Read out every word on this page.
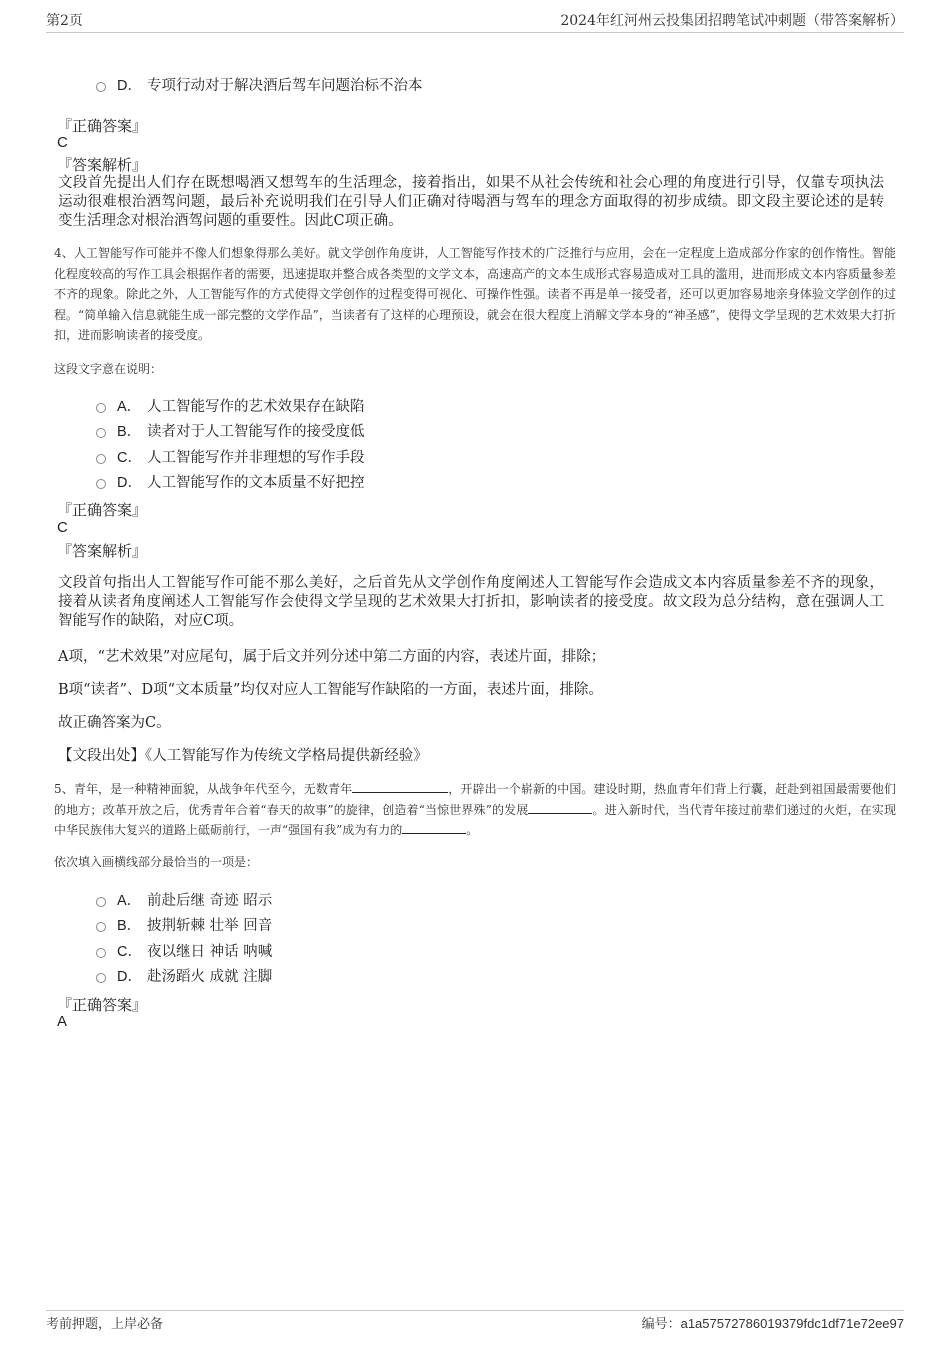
第2页	2024年红河州云投集团招聘笔试冲刺题（带答案解析）
D． 专项行动对于解决酒后驾车问题治标不治本
『正确答案』
C
『答案解析』
文段首先提出人们存在既想喝酒又想驾车的生活理念，接着指出，如果不从社会传统和社会心理的角度进行引导，仅靠专项执法运动很难根治酒驾问题，最后补充说明我们在引导人们正确对待喝酒与驾车的理念方面取得的初步成绩。即文段主要论述的是转变生活理念对根治酒驾问题的重要性。因此C项正确。
4、人工智能写作可能并不像人们想象得那么美好。就文学创作角度讲，人工智能写作技术的广泛推行与应用，会在一定程度上造成部分作家的创作惰性。智能化程度较高的写作工具会根据作者的需要，迅速提取并整合成各类型的文学文本，高速高产的文本生成形式容易造成对工具的滥用，进而形成文本内容质量参差不齐的现象。除此之外，人工智能写作的方式使得文学创作的过程变得可视化、可操作性强。读者不再是单一接受者，还可以更加容易地亲身体验文学创作的过程。“简单输入信息就能生成一部完整的文学作品”，当读者有了这样的心理预设，就会在很大程度上消解文学本身的“神圣感”，使得文学呈现的艺术效果大打折扣，进而影响读者的接受度。
这段文字意在说明：
A． 人工智能写作的艺术效果存在缺陷
B． 读者对于人工智能写作的接受度低
C． 人工智能写作并非理想的写作手段
D． 人工智能写作的文本质量不好把控
『正确答案』
C
『答案解析』
文段首句指出人工智能写作可能不那么美好，之后首先从文学创作角度阐述人工智能写作会造成文本内容质量参差不齐的现象，接着从读者角度阐述人工智能写作会使得文学呈现的艺术效果大打折扣，影响读者的接受度。故文段为总分结构，意在强调人工智能写作的缺陷，对应C项。
A项，“艺术效果”对应尾句，属于后文并列分述中第二方面的内容，表述片面，排除；
B项“读者”、D项“文本质量”均仅对应人工智能写作缺陷的一方面，表述片面，排除。
故正确答案为C。
【文段出处】《人工智能写作为传统文学格局提供新经验》
5、青年，是一种精神面貌，从战争年代至今，无数青年	，开辟出一个崭新的中国。建设时期，热血青年们背上行囊，赶赴到祖国最需要他们的地方；改革开放之后，优秀青年合着“春天的故事”的旋律，创造着“当惊世界殊”的发展	。进入新时代，当代青年接过前辈们递过的火炬，在实现中华民族伟大复兴的道路上砥砺前行，一声“强国有我”成为有力的	。
依次填入画横线部分最恰当的一项是：
A． 前赴后继 奇迹 昭示
B． 披荆斩棘 壮举 回音
C． 夜以继日 神话 呐喊
D． 赴汤蹈火 成就 注脚
『正确答案』
A
考前押题，上岸必备	编号：a1a57572786019379fdc1df71e72ee97
